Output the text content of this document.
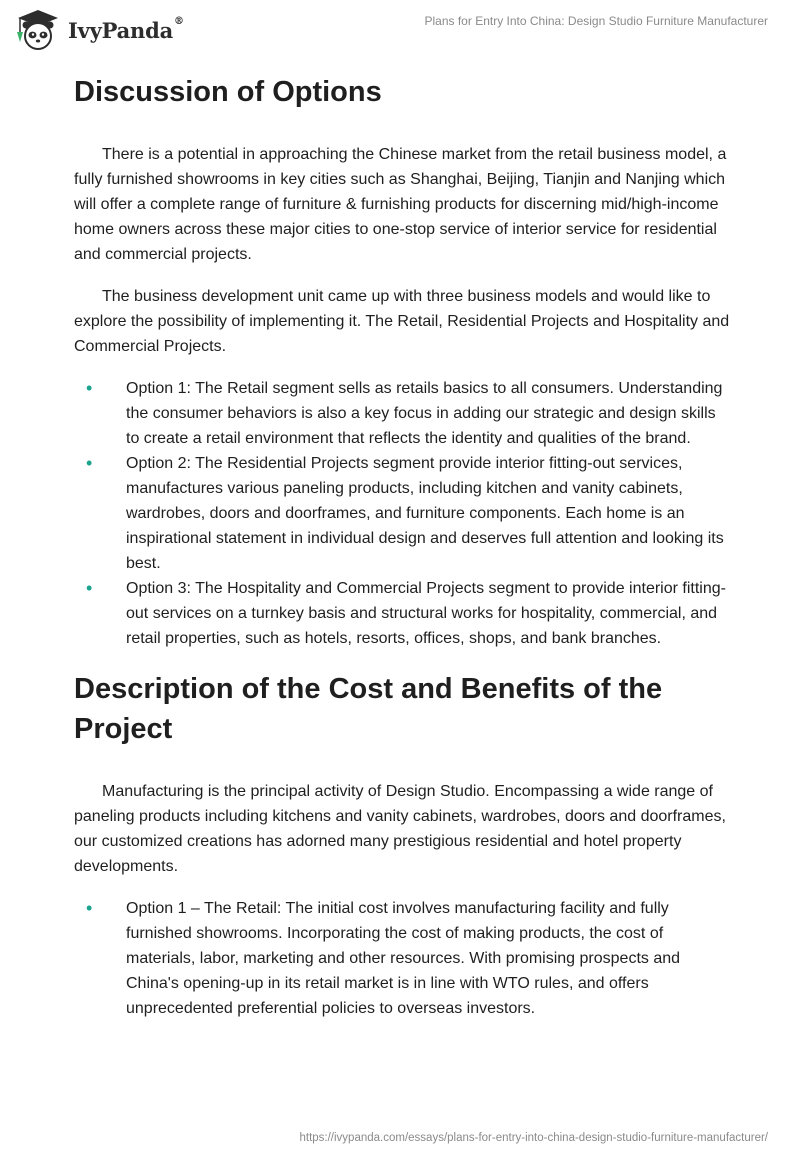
IvyPanda®	Plans for Entry Into China: Design Studio Furniture Manufacturer
Discussion of Options

There is a potential in approaching the Chinese market from the retail business model, a fully furnished showrooms in key cities such as Shanghai, Beijing, Tianjin and Nanjing which will offer a complete range of furniture & furnishing products for discerning mid/high-income home owners across these major cities to one-stop service of interior service for residential and commercial projects.

The business development unit came up with three business models and would like to explore the possibility of implementing it. The Retail, Residential Projects and Hospitality and Commercial Projects.

• Option 1: The Retail segment sells as retails basics to all consumers. Understanding the consumer behaviors is also a key focus in adding our strategic and design skills to create a retail environment that reflects the identity and qualities of the brand.
• Option 2: The Residential Projects segment provide interior fitting-out services, manufactures various paneling products, including kitchen and vanity cabinets, wardrobes, doors and doorframes, and furniture components. Each home is an inspirational statement in individual design and deserves full attention and looking its best.
• Option 3: The Hospitality and Commercial Projects segment to provide interior fitting-out services on a turnkey basis and structural works for hospitality, commercial, and retail properties, such as hotels, resorts, offices, shops, and bank branches.
Description of the Cost and Benefits of the Project

Manufacturing is the principal activity of Design Studio. Encompassing a wide range of paneling products including kitchens and vanity cabinets, wardrobes, doors and doorframes, our customized creations has adorned many prestigious residential and hotel property developments.

• Option 1 – The Retail: The initial cost involves manufacturing facility and fully furnished showrooms. Incorporating the cost of making products, the cost of materials, labor, marketing and other resources. With promising prospects and China's opening-up in its retail market is in line with WTO rules, and offers unprecedented preferential policies to overseas investors.
https://ivypanda.com/essays/plans-for-entry-into-china-design-studio-furniture-manufacturer/
